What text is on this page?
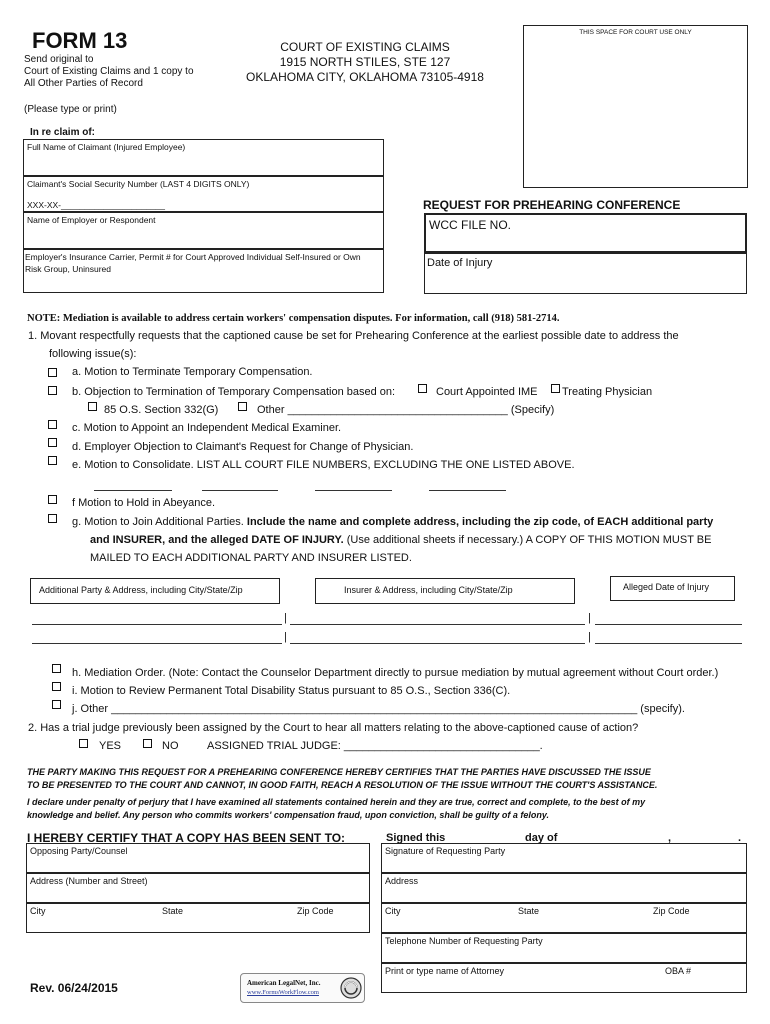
FORM 13
Send original to
Court of Existing Claims and 1 copy to
All Other Parties of Record
(Please type or print)
COURT OF EXISTING CLAIMS
1915 NORTH STILES, STE 127
OKLAHOMA CITY, OKLAHOMA 73105-4918
THIS SPACE FOR COURT USE ONLY
In re claim of:
Full Name of Claimant (Injured Employee)
Claimant's Social Security Number (LAST 4 DIGITS ONLY)
XXX-XX-______________________
Name of Employer or Respondent
Employer's Insurance Carrier, Permit # for Court Approved Individual Self-Insured or Own
Risk Group, Uninsured
REQUEST FOR PREHEARING CONFERENCE
WCC FILE NO.
Date of Injury
NOTE: Mediation is available to address certain workers' compensation disputes. For information, call (918) 581-2714.
1. Movant respectfully requests that the captioned cause be set for Prehearing Conference at the earliest possible date to address the
following issue(s):
a. Motion to Terminate Temporary Compensation.
b. Objection to Termination of Temporary Compensation based on:	Court Appointed IME Treating Physician
85 O.S. Section 332(G)	Other ____________________________________ (Specify)
c. Motion to Appoint an Independent Medical Examiner.
d. Employer Objection to Claimant's Request for Change of Physician.
e. Motion to Consolidate. LIST ALL COURT FILE NUMBERS, EXCLUDING THE ONE LISTED ABOVE.
f Motion to Hold in Abeyance.
g. Motion to Join Additional Parties. Include the name and complete address, including the zip code, of EACH additional party
and INSURER, and the alleged DATE OF INJURY. (Use additional sheets if necessary.) A COPY OF THIS MOTION MUST BE
MAILED TO EACH ADDITIONAL PARTY AND INSURER LISTED.
Additional Party & Address, including City/State/Zip	Insurer & Address, including City/State/Zip	Alleged Date of Injury
|	|
|	|
h. Mediation Order. (Note: Contact the Counselor Department directly to pursue mediation by mutual agreement without Court order.)
i. Motion to Review Permanent Total Disability Status pursuant to 85 O.S., Section 336(C).
j. Other ______________________________________________________________________________________ (specify).
2. Has a trial judge previously been assigned by the Court to hear all matters relating to the above-captioned cause of action?
YES	NO	ASSIGNED TRIAL JUDGE: ________________________________.
THE PARTY MAKING THIS REQUEST FOR A PREHEARING CONFERENCE HEREBY CERTIFIES THAT THE PARTIES HAVE DISCUSSED THE ISSUE
TO BE PRESENTED TO THE COURT AND CANNOT, IN GOOD FAITH, REACH A RESOLUTION OF THE ISSUE WITHOUT THE COURT'S ASSISTANCE.
I declare under penalty of perjury that I have examined all statements contained herein and they are true, correct and complete, to the best of my
knowledge and belief. Any person who commits workers' compensation fraud, upon conviction, shall be guilty of a felony.
I HEREBY CERTIFY THAT A COPY HAS BEEN SENT TO:	Signed this	day of	,	.
Opposing Party/Counsel
Address (Number and Street)
City	State	Zip Code
Signature of Requesting Party
Address
City	State	Zip Code
Telephone Number of Requesting Party
Print or type name of Attorney	OBA #
Rev. 06/24/2015	American LegalNet, Inc.
www.FormsWorkFlow.com
